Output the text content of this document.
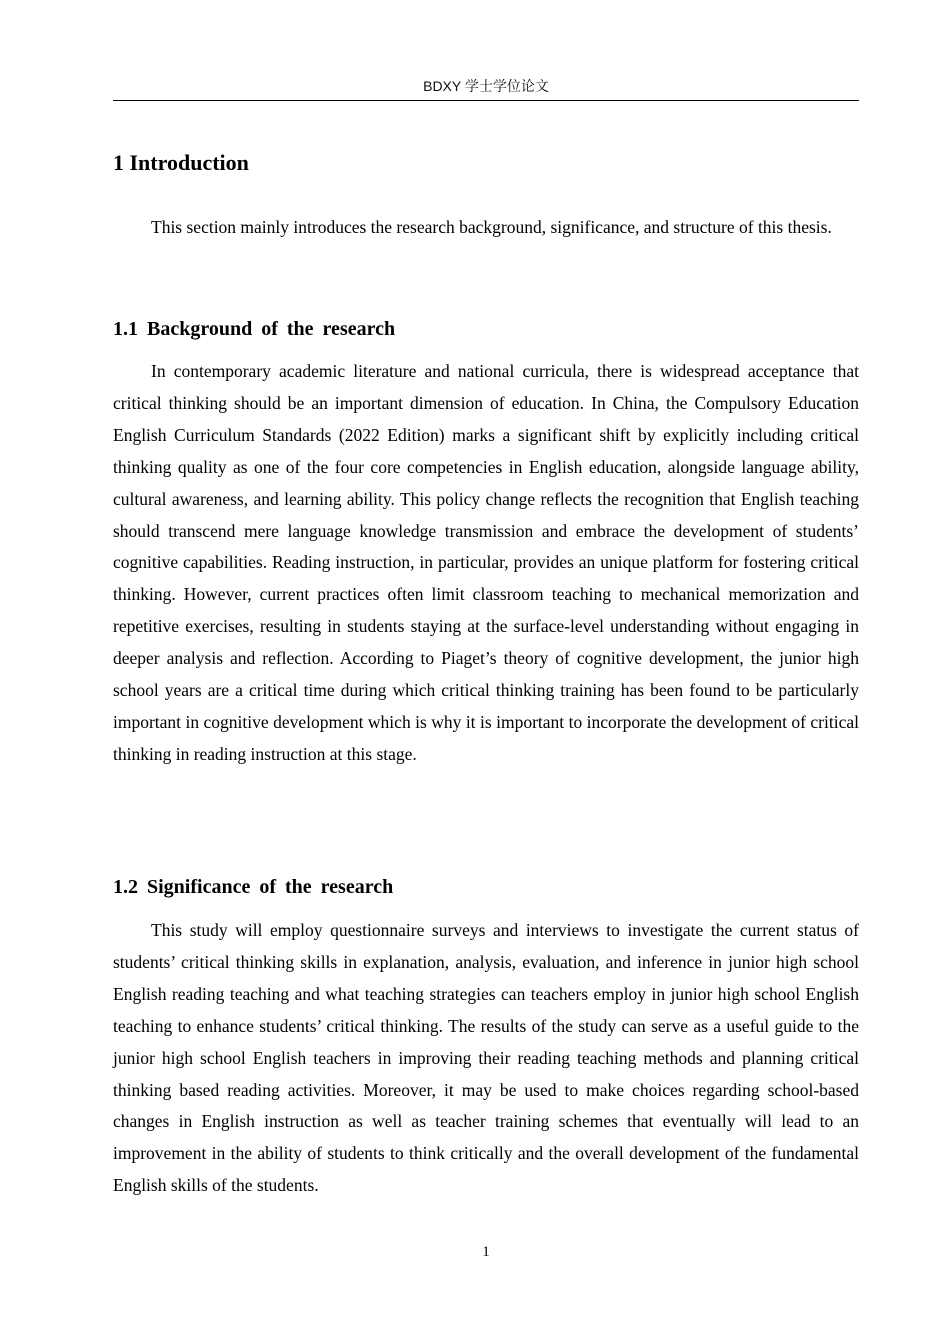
BDXY 学士学位论文
1 Introduction

This section mainly introduces the research background, significance, and structure of this thesis.

1.1 Background of the research

In contemporary academic literature and national curricula, there is widespread acceptance that critical thinking should be an important dimension of education. In China, the Compulsory Education English Curriculum Standards (2022 Edition) marks a significant shift by explicitly including critical thinking quality as one of the four core competencies in English education, alongside language ability, cultural awareness, and learning ability. This policy change reflects the recognition that English teaching should transcend mere language knowledge transmission and embrace the development of students’ cognitive capabilities. Reading instruction, in particular, provides an unique platform for fostering critical thinking. However, current practices often limit classroom teaching to mechanical memorization and repetitive exercises, resulting in students staying at the surface-level understanding without engaging in deeper analysis and reflection. According to Piaget’s theory of cognitive development, the junior high school years are a critical time during which critical thinking training has been found to be particularly important in cognitive development which is why it is important to incorporate the development of critical thinking in reading instruction at this stage.

1.2 Significance of the research

This study will employ questionnaire surveys and interviews to investigate the current status of students’ critical thinking skills in explanation, analysis, evaluation, and inference in junior high school English reading teaching and what teaching strategies can teachers employ in junior high school English teaching to enhance students’ critical thinking. The results of the study can serve as a useful guide to the junior high school English teachers in improving their reading teaching methods and planning critical thinking based reading activities. Moreover, it may be used to make choices regarding school-based changes in English instruction as well as teacher training schemes that eventually will lead to an improvement in the ability of students to think critically and the overall development of the fundamental English skills of the students.

1
